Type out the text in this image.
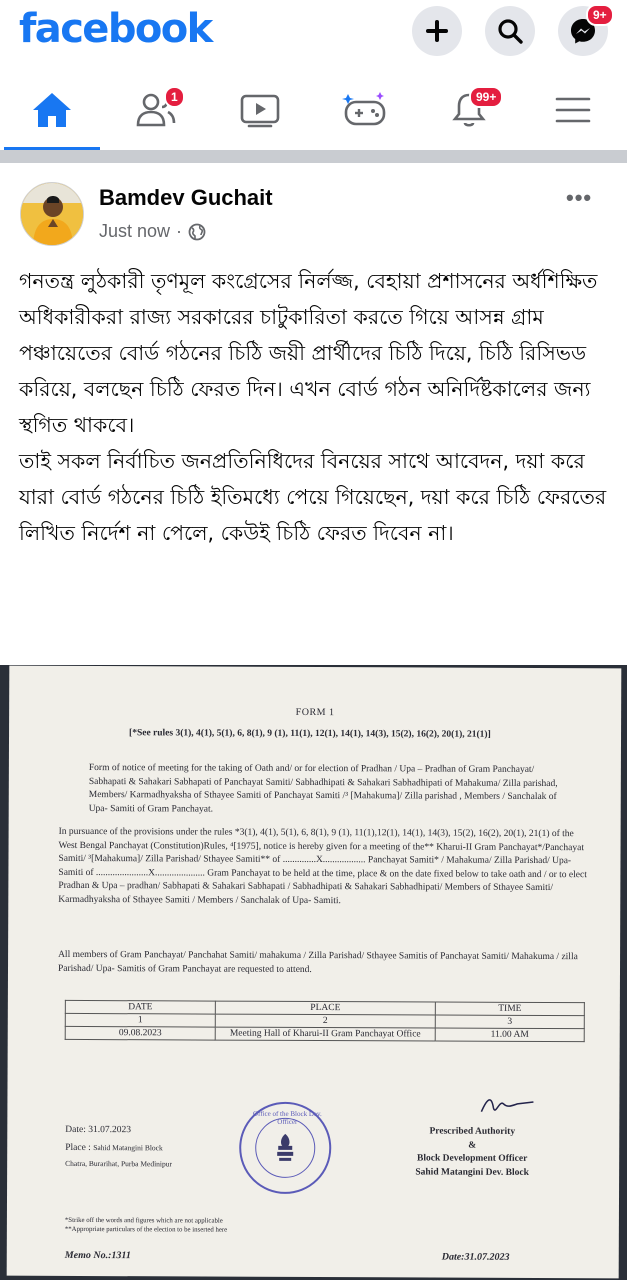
facebook	9+
1	99+
Bamdev Guchait
Just now ·
•••

গনতন্ত্র লুঠকারী তৃণমূল কংগ্রেসের নির্লজ্জ, বেহায়া প্রশাসনের অর্ধশিক্ষিত অধিকারীকরা রাজ্য সরকারের চাটুকারিতা করতে গিয়ে আসন্ন গ্রাম পঞ্চায়েতের বোর্ড গঠনের চিঠি জয়ী প্রার্থীদের চিঠি দিয়ে, চিঠি রিসিভড করিয়ে, বলছেন চিঠি ফেরত দিন। এখন বোর্ড গঠন অনির্দিষ্টকালের জন্য স্থগিত থাকবে।

তাই সকল নির্বাচিত জনপ্রতিনিধিদের বিনয়ের সাথে আবেদন, দয়া করে যারা বোর্ড গঠনের চিঠি ইতিমধ্যে পেয়ে গিয়েছেন, দয়া করে চিঠি ফেরতের লিখিত নির্দেশ না পেলে, কেউই চিঠি ফেরত দিবেন না।

FORM 1
[*See rules 3(1), 4(1), 5(1), 6, 8(1), 9 (1), 11(1), 12(1), 14(1), 14(3), 15(2), 16(2), 20(1), 21(1)]
Form of notice of meeting for the taking of Oath and/ or for election of Pradhan / Upa – Pradhan of Gram Panchayat/ Sabhapati & Sahakari Sabhapati of Panchayat Samiti/ Sabhadhipati & Sahakari Sabhadhipati of Mahakuma/ Zilla parishad, Members/ Karmadhyaksha of Sthayee Samiti of Panchayat Samiti /³ [Mahakuma]/ Zilla parishad , Members / Sanchalak of Upa- Samiti of Gram Panchayat.
In pursuance of the provisions under the rules *3(1), 4(1), 5(1), 6, 8(1), 9 (1), 11(1),12(1), 14(1), 14(3), 15(2), 16(2), 20(1), 21(1) of the West Bengal Panchayat (Constitution)Rules, ⁴[1975], notice is hereby given for a meeting of the** Kharui-II Gram Panchayat*/Panchayat Samiti/ ³[Mahakuma]/ Zilla Parishad/ Sthayee Samiti** of ..............X.................. Panchayat Samiti* / Mahakuma/ Zilla Parishad/ Upa-Samiti of ......................X..................... Gram Panchayat to be held at the time, place & on the date fixed below to take oath and / or to elect Pradhan & Upa – pradhan/ Sabhapati & Sahakari Sabhapati / Sabhadhipati & Sahakari Sabhadhipati/ Members of Sthayee Samiti/ Karmadhyaksha of Sthayee Samiti / Members / Sanchalak of Upa- Samiti.
All members of Gram Panchayat/ Panchahat Samiti/ mahakuma / Zilla Parishad/ Sthayee Samitis of Panchayat Samiti/ Mahakuma / zilla Parishad/ Upa- Samitis of Gram Panchayat are requested to attend.
DATE	PLACE	TIME
1	2	3
09.08.2023	Meeting Hall of Kharui-II Gram Panchayat Office	11.00 AM
Date: 31.07.2023
Place : Sahid Matangini Block
Chatra, Burarihat, Purba Medinipur
Office of the Block Dev. Officer
Prescribed Authority
&
Block Development Officer
Sahid Matangini Dev. Block
*Strike off the words and figures which are not applicable
**Appropriate particulars of the election to be inserted here
Memo No.:1311	Date:31.07.2023
